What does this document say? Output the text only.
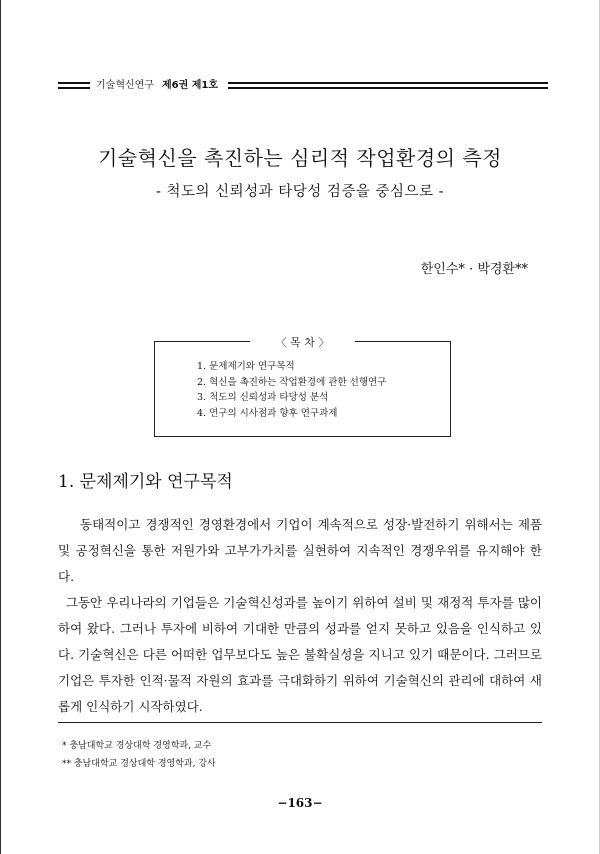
기술혁신연구 제6권 제1호
기술혁신을 촉진하는 심리적 작업환경의 측정
- 척도의 신뢰성과 타당성 검증을 중심으로 -
한인수* · 박경환**
〈 목 차 〉
1. 문제제기와 연구목적
2. 혁신을 촉진하는 작업환경에 관한 선행연구
3. 척도의 신뢰성과 타당성 분석
4. 연구의 시사점과 향후 연구과제
1. 문제제기와 연구목적

동태적이고 경쟁적인 경영환경에서 기업이 계속적으로 성장·발전하기 위해서는 제품 및 공정혁신을 통한 저원가와 고부가가치를 실현하여 지속적인 경쟁우위를 유지해야 한다.

그동안 우리나라의 기업들은 기술혁신성과를 높이기 위하여 설비 및 재정적 투자를 많이 하여 왔다. 그러나 투자에 비하여 기대한 만큼의 성과를 얻지 못하고 있음을 인식하고 있다. 기술혁신은 다른 어떠한 업무보다도 높은 불확실성을 지니고 있기 때문이다. 그러므로 기업은 투자한 인적·물적 자원의 효과를 극대화하기 위하여 기술혁신의 관리에 대하여 새롭게 인식하기 시작하였다.

* 충남대학교 경상대학 경영학과, 교수
** 충남대학교 경상대학 경영학과, 강사
−163−
